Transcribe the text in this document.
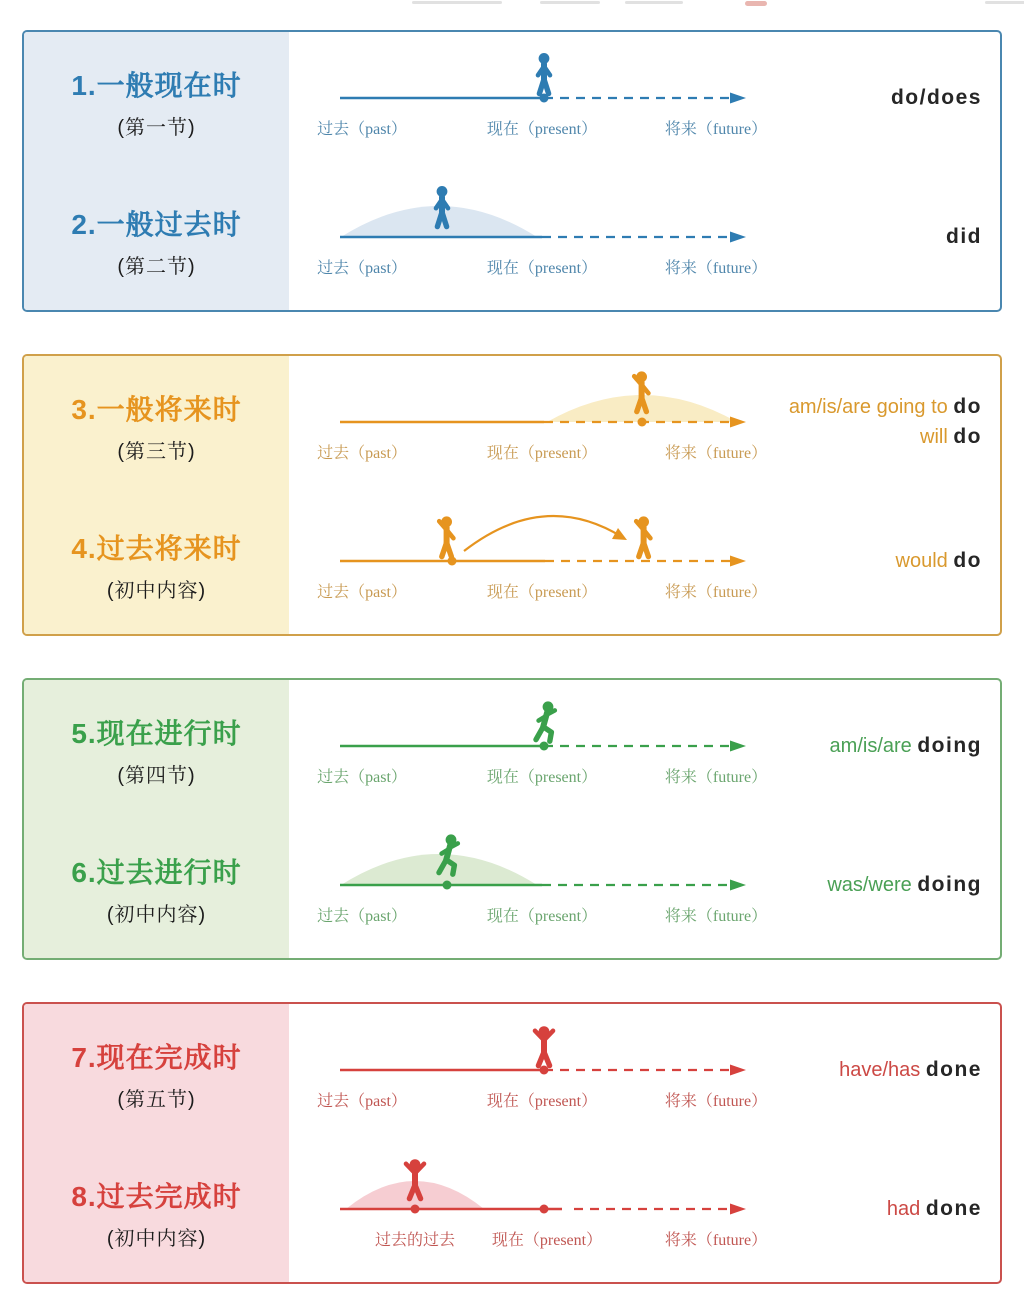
1.一般现在时
(第一节)	过去（past）	现在（present）	将来（future）
do/does
2.一般过去时
(第二节)	过去（past）	现在（present）	将来（future）
did
3.一般将来时
(第三节)	过去（past）	现在（present）	将来（future）
am/is/are going to do
will do
4.过去将来时
(初中内容)	过去（past）	现在（present）	将来（future）
would do
5.现在进行时
(第四节)	过去（past）	现在（present）	将来（future）
am/is/are doing
6.过去进行时
(初中内容)	过去（past）	现在（present）	将来（future）
was/were doing
7.现在完成时
(第五节)	过去（past）	现在（present）	将来（future）
have/has done
8.过去完成时
(初中内容)	过去的过去 现在（present）	将来（future）
had done
